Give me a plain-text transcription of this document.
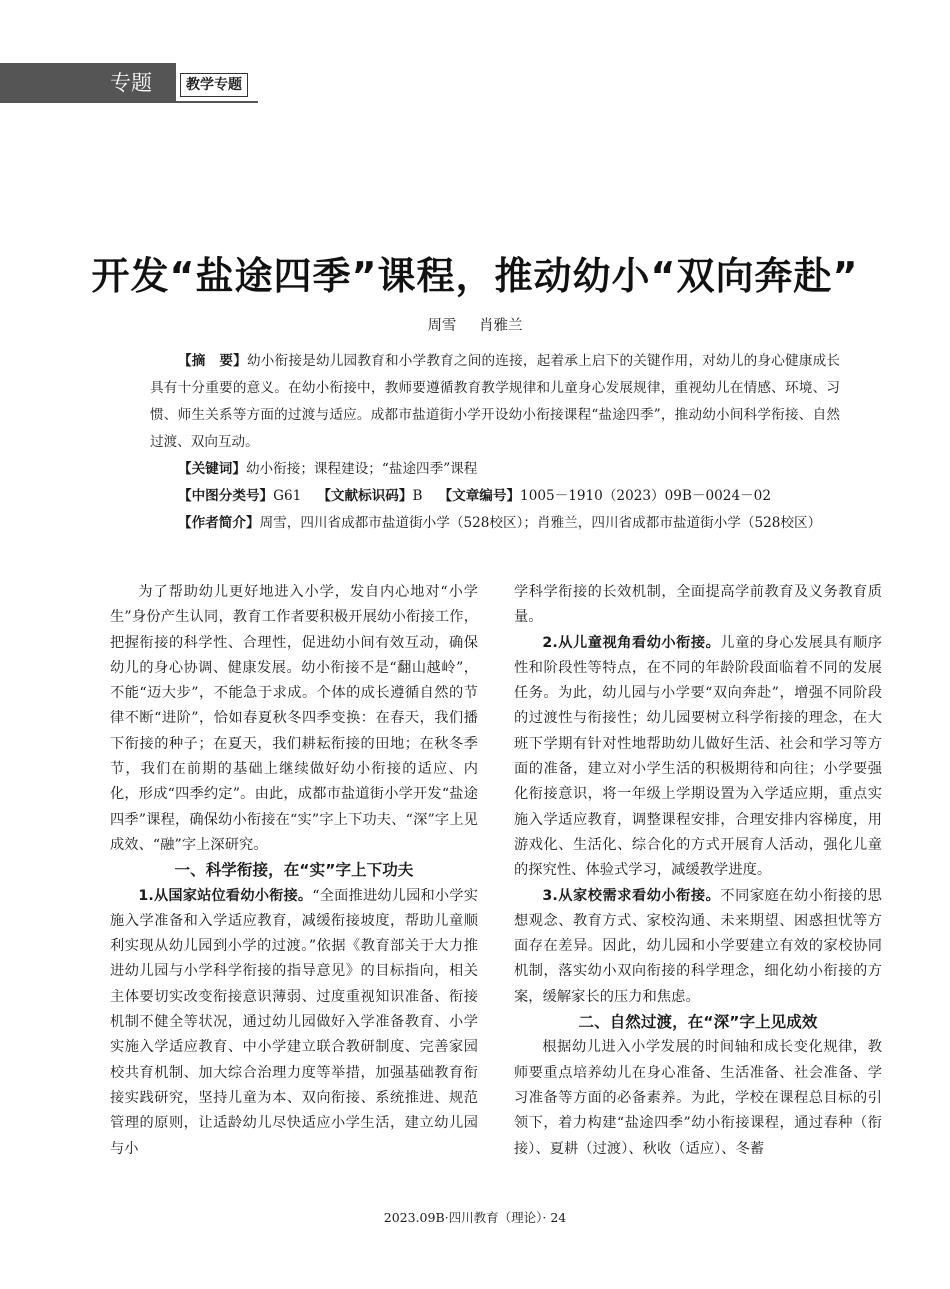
专题	教学专题
开发“盐途四季”课程，推动幼小“双向奔赴”
周雪 肖雅兰

【摘　要】幼小衔接是幼儿园教育和小学教育之间的连接，起着承上启下的关键作用，对幼儿的身心健康成长具有十分重要的意义。在幼小衔接中，教师要遵循教育教学规律和儿童身心发展规律，重视幼儿在情感、环境、习惯、师生关系等方面的过渡与适应。成都市盐道街小学开设幼小衔接课程“盐途四季”，推动幼小间科学衔接、自然过渡、双向互动。

【关键词】幼小衔接；课程建设；“盐途四季”课程

【中图分类号】G61 【文献标识码】B 【文章编号】1005－1910（2023）09B－0024－02

【作者简介】周雪，四川省成都市盐道街小学（528校区）；肖雅兰，四川省成都市盐道街小学（528校区）

为了帮助幼儿更好地进入小学，发自内心地对“小学生”身份产生认同，教育工作者要积极开展幼小衔接工作，把握衔接的科学性、合理性，促进幼小间有效互动，确保幼儿的身心协调、健康发展。幼小衔接不是“翻山越岭”，不能“迈大步”，不能急于求成。个体的成长遵循自然的节律不断“进阶”，恰如春夏秋冬四季变换：在春天，我们播下衔接的种子；在夏天，我们耕耘衔接的田地；在秋冬季节，我们在前期的基础上继续做好幼小衔接的适应、内化，形成“四季约定”。由此，成都市盐道街小学开发“盐途四季”课程，确保幼小衔接在“实”字上下功夫、“深”字上见成效、“融”字上深研究。

一、科学衔接，在“实”字上下功夫

1.从国家站位看幼小衔接。“全面推进幼儿园和小学实施入学准备和入学适应教育，减缓衔接坡度，帮助儿童顺利实现从幼儿园到小学的过渡。”依据《教育部关于大力推进幼儿园与小学科学衔接的指导意见》的目标指向，相关主体要切实改变衔接意识薄弱、过度重视知识准备、衔接机制不健全等状况，通过幼儿园做好入学准备教育、小学实施入学适应教育、中小学建立联合教研制度、完善家园校共育机制、加大综合治理力度等举措，加强基础教育衔接实践研究，坚持儿童为本、双向衔接、系统推进、规范管理的原则，让适龄幼儿尽快适应小学生活，建立幼儿园与小

学科学衔接的长效机制，全面提高学前教育及义务教育质量。

2.从儿童视角看幼小衔接。儿童的身心发展具有顺序性和阶段性等特点，在不同的年龄阶段面临着不同的发展任务。为此，幼儿园与小学要“双向奔赴”，增强不同阶段的过渡性与衔接性；幼儿园要树立科学衔接的理念，在大班下学期有针对性地帮助幼儿做好生活、社会和学习等方面的准备，建立对小学生活的积极期待和向往；小学要强化衔接意识，将一年级上学期设置为入学适应期，重点实施入学适应教育，调整课程安排，合理安排内容梯度，用游戏化、生活化、综合化的方式开展育人活动，强化儿童的探究性、体验式学习，减缓教学进度。

3.从家校需求看幼小衔接。不同家庭在幼小衔接的思想观念、教育方式、家校沟通、未来期望、困惑担忧等方面存在差异。因此，幼儿园和小学要建立有效的家校协同机制，落实幼小双向衔接的科学理念，细化幼小衔接的方案，缓解家长的压力和焦虑。

二、自然过渡，在“深”字上见成效

根据幼儿进入小学发展的时间轴和成长变化规律，教师要重点培养幼儿在身心准备、生活准备、社会准备、学习准备等方面的必备素养。为此，学校在课程总目标的引领下，着力构建“盐途四季”幼小衔接课程，通过春种（衔接）、夏耕（过渡）、秋收（适应）、冬蓄

2023.09B·四川教育（理论）· 24
